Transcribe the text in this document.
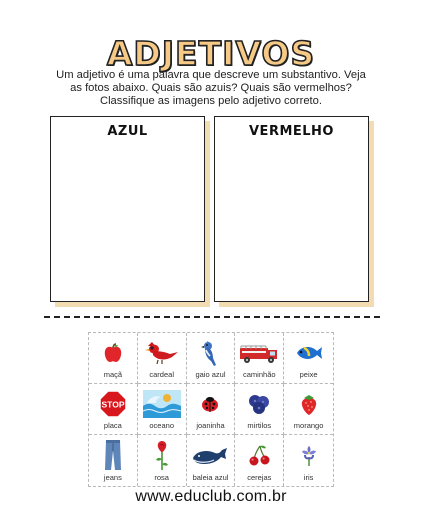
ADJETIVOS
Um adjetivo é uma palavra que descreve um substantivo. Veja
as fotos abaixo. Quais são azuis? Quais são vermelhos?
Classifique as imagens pelo adjetivo correto.
AZUL	VERMELHO
maçã	cardeal	gaio azul	caminhão	peixe
STOP
placa	oceano	joaninha	mirtilos	morango
jeans	rosa	baleia azul	cerejas	iris
www.educlub.com.br
